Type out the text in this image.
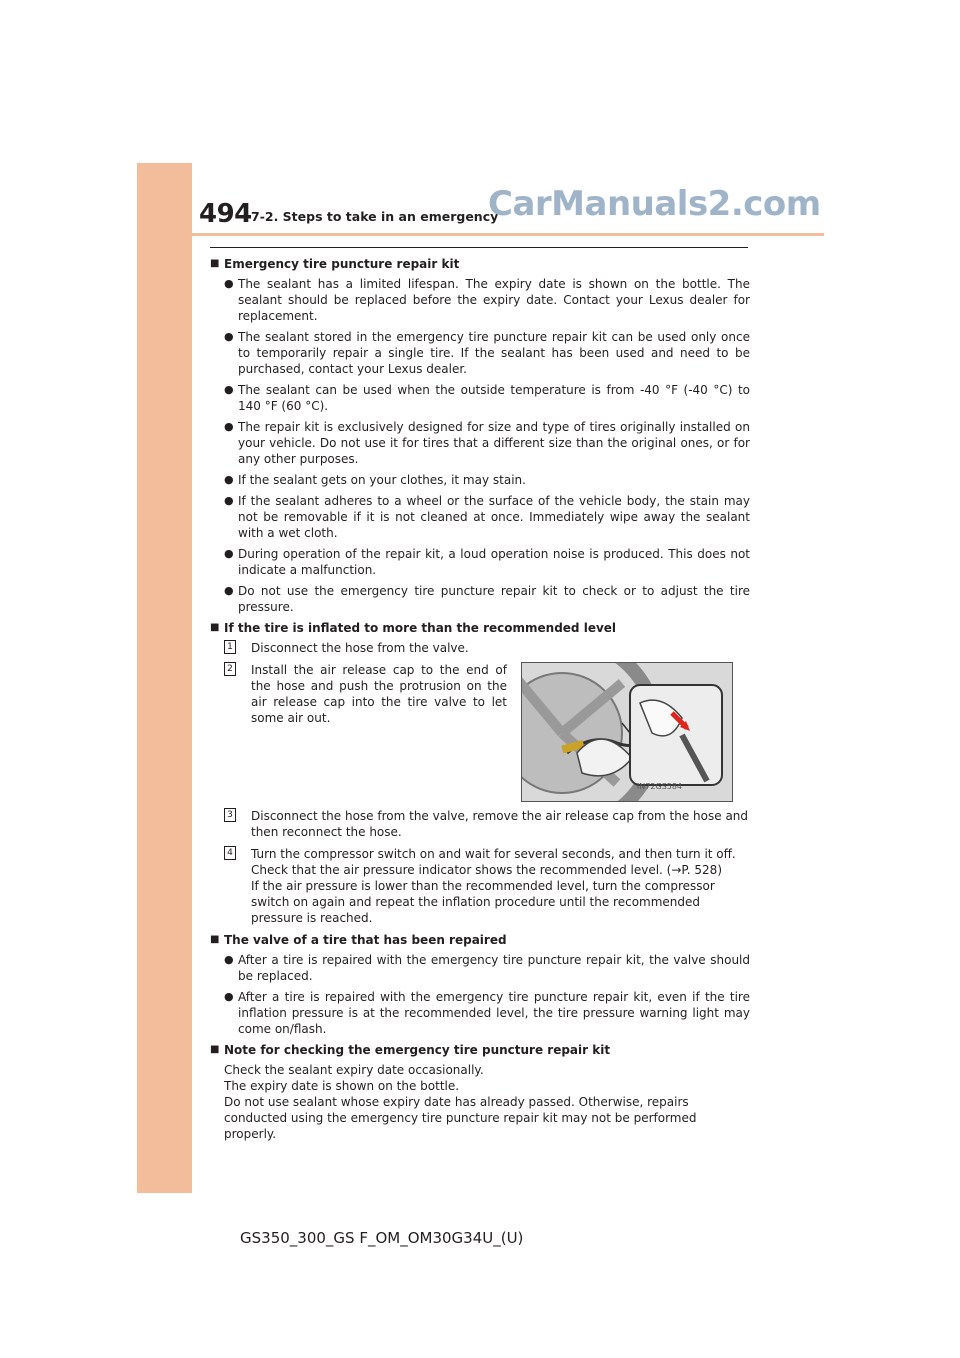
494 7-2. Steps to take in an emergency
CarManuals2.com
■ Emergency tire puncture repair kit
● The sealant has a limited lifespan. The expiry date is shown on the bottle. The sealant should be replaced before the expiry date. Contact your Lexus dealer for replacement.
● The sealant stored in the emergency tire puncture repair kit can be used only once to temporarily repair a single tire. If the sealant has been used and need to be purchased, contact your Lexus dealer.
● The sealant can be used when the outside temperature is from -40 °F (-40 °C) to 140 °F (60 °C).
● The repair kit is exclusively designed for size and type of tires originally installed on your vehicle. Do not use it for tires that a different size than the original ones, or for any other purposes.
● If the sealant gets on your clothes, it may stain.
● If the sealant adheres to a wheel or the surface of the vehicle body, the stain may not be removable if it is not cleaned at once. Immediately wipe away the sealant with a wet cloth.
● During operation of the repair kit, a loud operation noise is produced. This does not indicate a malfunction.
● Do not use the emergency tire puncture repair kit to check or to adjust the tire pressure.
■ If the tire is inflated to more than the recommended level
1 Disconnect the hose from the valve.
2 Install the air release cap to the end of the hose and push the protrusion on the air release cap into the tire valve to let some air out.
IN72GS584
3 Disconnect the hose from the valve, remove the air release cap from the hose and then reconnect the hose.
4 Turn the compressor switch on and wait for several seconds, and then turn it off. Check that the air pressure indicator shows the recommended level. (→P. 528)
If the air pressure is lower than the recommended level, turn the compressor switch on again and repeat the inflation procedure until the recommended pressure is reached.
■ The valve of a tire that has been repaired
● After a tire is repaired with the emergency tire puncture repair kit, the valve should be replaced.
● After a tire is repaired with the emergency tire puncture repair kit, even if the tire inflation pressure is at the recommended level, the tire pressure warning light may come on/flash.
■ Note for checking the emergency tire puncture repair kit
Check the sealant expiry date occasionally.
The expiry date is shown on the bottle.
Do not use sealant whose expiry date has already passed. Otherwise, repairs conducted using the emergency tire puncture repair kit may not be performed properly.
GS350_300_GS F_OM_OM30G34U_(U)
